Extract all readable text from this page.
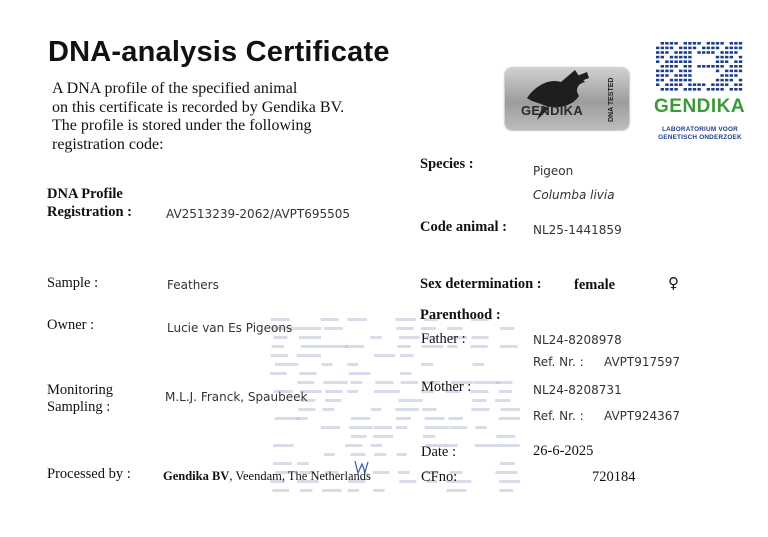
DNA-analysis Certificate
A DNA profile of the specified animal
on this certificate is recorded by Gendika BV.
The profile is stored under the following
registration code:
GENDIKA	DNA TESTED	GENDIKA
LABORATORIUM VOOR
GENETISCH ONDERZOEK
DNA Profile
Registration :	AV2513239-2062/AVPT695505
Sample :	Feathers
Owner :	Lucie van Es Pigeons
Monitoring
Sampling :
M.L.J. Franck, Spaubeek
Processed by :	Gendika BV, Veendam, The Netherlands
Species :	Pigeon
Columba livia
Code animal : NL25-1441859
Sex determination : female	♀
Parenthood :
Father :	NL24-8208978
Ref. Nr. : AVPT917597
Mother :	NL24-8208731
Ref. Nr. : AVPT924367
Date :	26-6-2025
CFno:	720184
